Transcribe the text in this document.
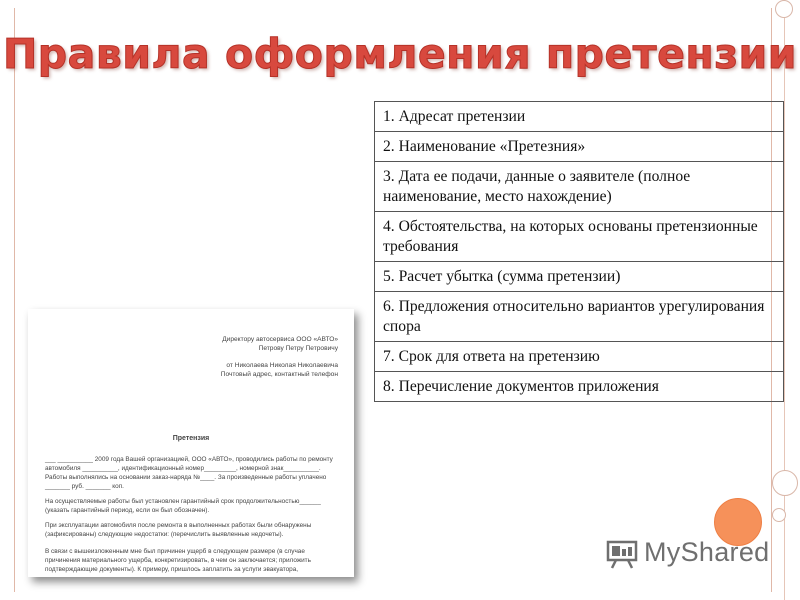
Правила оформления претензии
1. Адресат претензии
2. Наименование «Претезния»
3. Дата ее подачи, данные о заявителе (полное наименование, место нахождение)
4. Обстоятельства, на которых основаны претензионные требования
5. Расчет убытка (сумма претензии)
6. Предложения относительно вариантов урегулирования спора
7. Срок для ответа на претензию
8. Перечисление документов приложения
Директору автосервиса ООО «АВТО»
Петрову Петру Петровичу
от Николаева Николая Николаевича
Почтовый адрес, контактный телефон
Претензия
___ __________ 2009 года Вашей организацией, ООО «АВТО», проводились работы по ремонту автомобиля __________, идентификационный номер_________, номерной знак__________. Работы выполнялись на основании заказ-наряда №____. За произведенные работы уплачено _______ руб. _______ коп.
На осуществляемые работы был установлен гарантийный срок продолжительностью______ (указать гарантийный период, если он был обозначен).
При эксплуатации автомобиля после ремонта в выполненных работах были обнаружены (зафиксированы) следующие недостатки: (перечислить выявленные недочеты).
В связи с вышеизложенным мне был причинен ущерб в следующем размере (в случае причинения материального ущерба, конкретизировать, в чем он заключается; приложить подтверждающие документы). К примеру, пришлось заплатить за услуги эвакуатора,
MyShared
